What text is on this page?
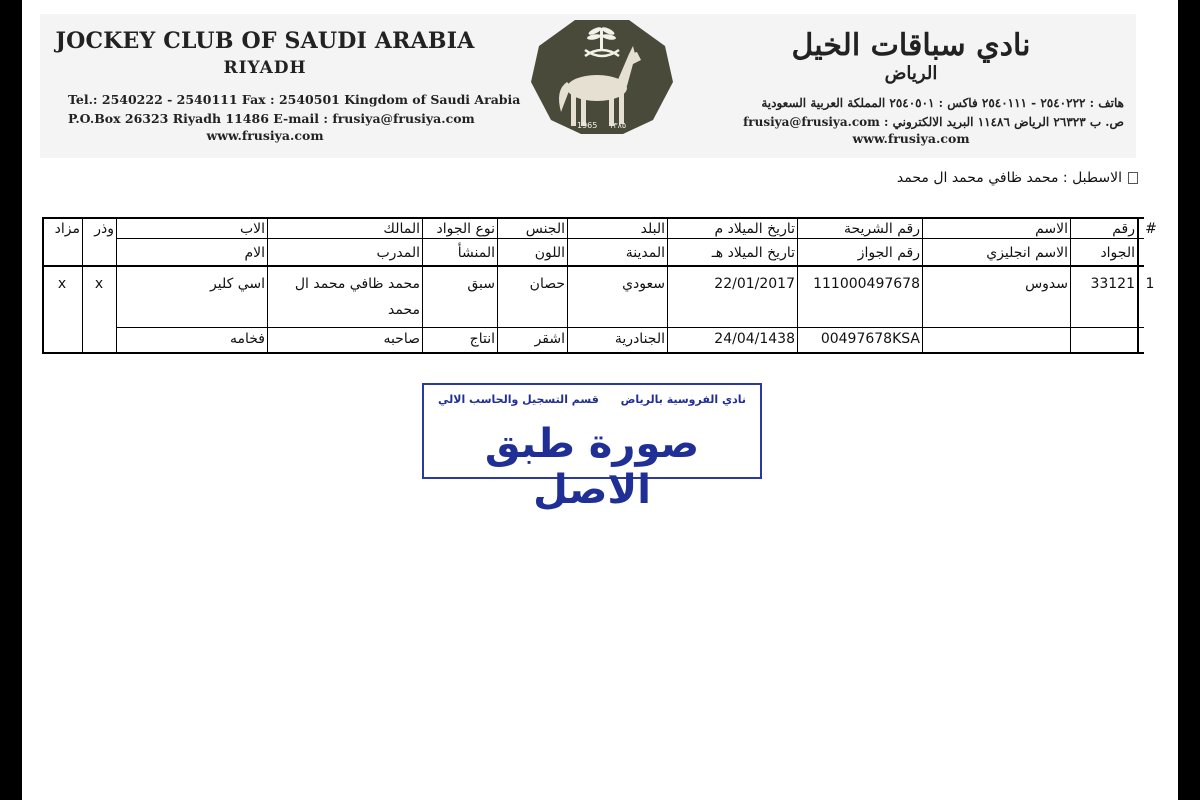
JOCKEY CLUB OF SAUDI ARABIA
RIYADH
Tel.: 2540222 - 2540111 Fax : 2540501 Kingdom of Saudi Arabia
P.O.Box 26323 Riyadh 11486 E-mail : frusiya@frusiya.com
www.frusiya.com
1965 ١٣٨٥
نادي سباقات الخيل
الرياض
هاتف : ٢٥٤٠٢٢٢ - ٢٥٤٠١١١ فاكس : ٢٥٤٠٥٠١ المملكة العربية السعودية
ص. ب ٢٦٣٢٣ الرياض ١١٤٨٦ البريد الالكتروني : frusiya@frusiya.com
www.frusiya.com
الاسطبل : محمد ظافي محمد ال محمد
#
رقم
الاسم
رقم الشريحة
تاريخ الميلاد م
البلد
الجنس
نوع الجواد
المالك
الاب
وذر
مزاد
الجواد
الاسم انجليزي
رقم الجواز
تاريخ الميلاد هـ
المدينة
اللون
المنشأ
المدرب
الام
1
33121
سدوس
111000497678
22/01/2017
سعودي
حصان
سبق
محمد ظافي محمد ال
محمد
اسي كلير
x
x
00497678KSA
24/04/1438
الجنادرية
اشقر
انتاج
صاحبه
فخامه
نادي الفروسية بالرياض
قسم التسجيل والحاسب الالي
صورة طبق الاصل
